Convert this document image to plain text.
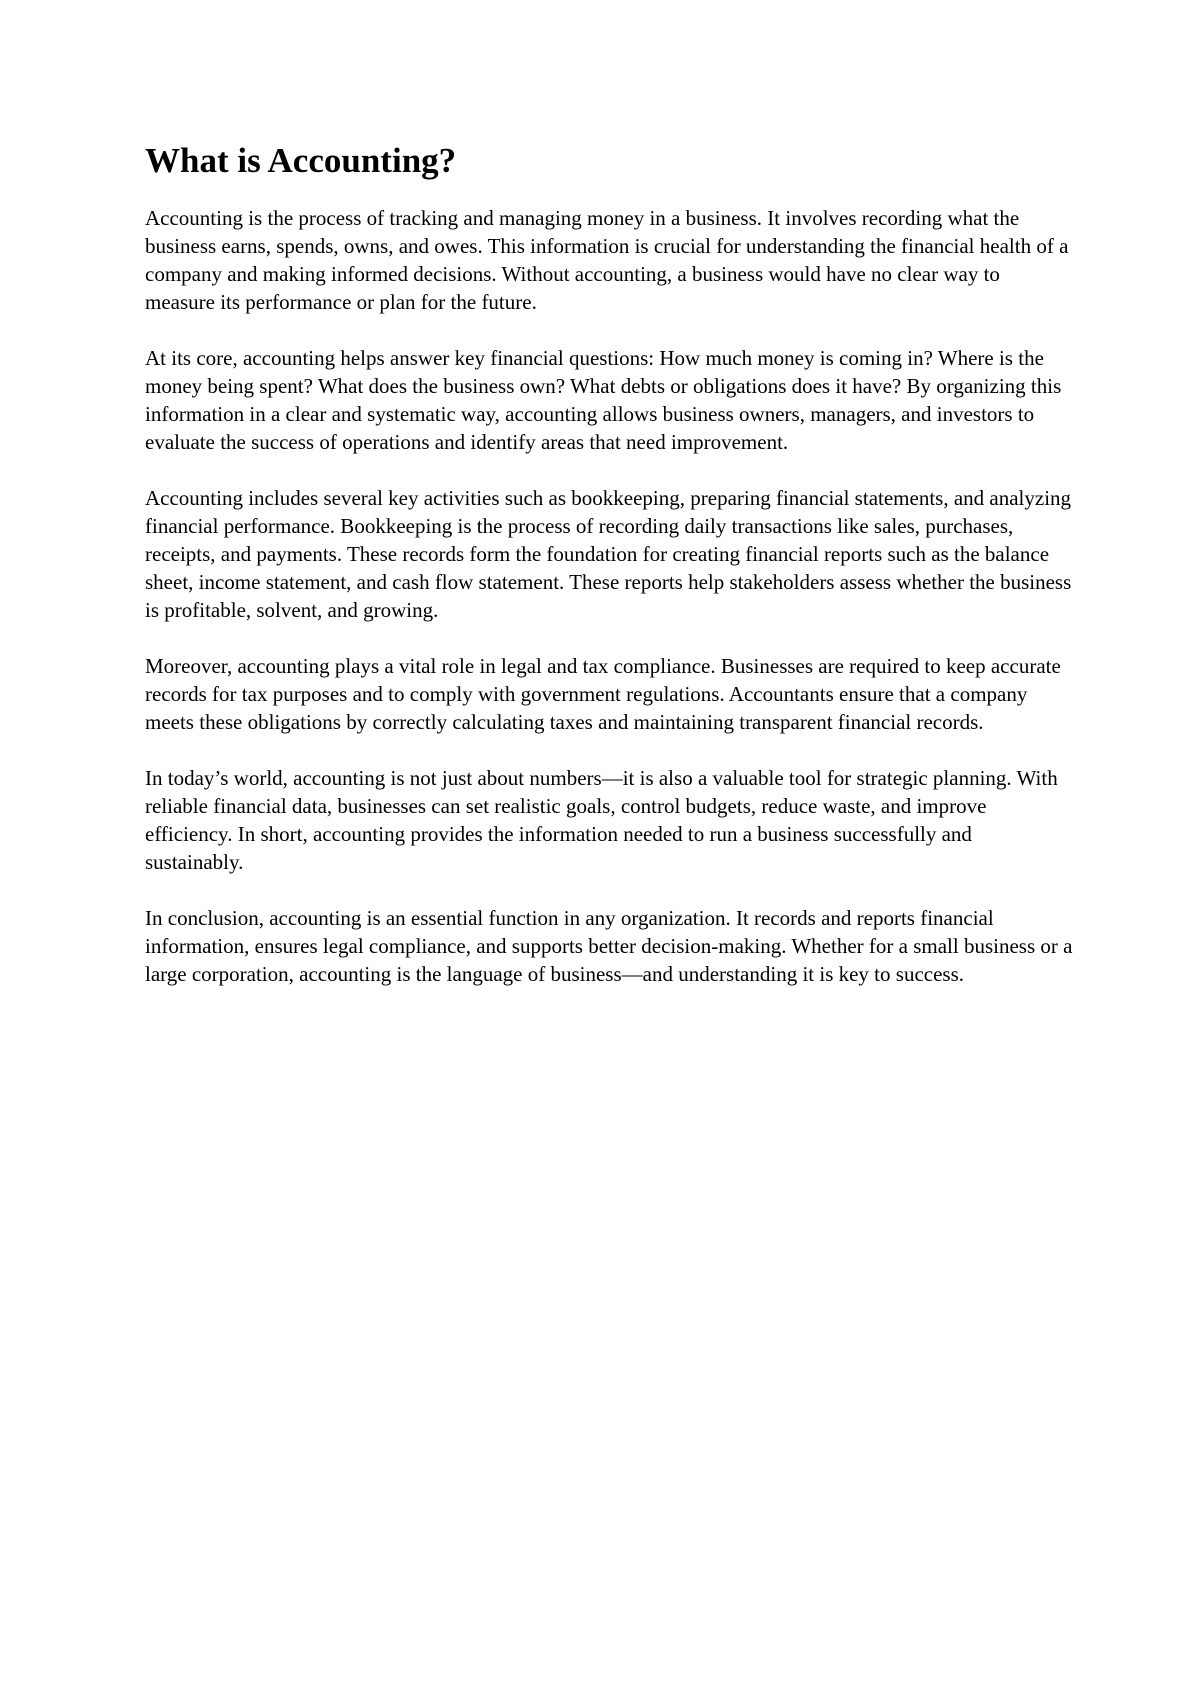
What is Accounting?

Accounting is the process of tracking and managing money in a business. It involves recording what the business earns, spends, owns, and owes. This information is crucial for understanding the financial health of a company and making informed decisions. Without accounting, a business would have no clear way to measure its performance or plan for the future.

At its core, accounting helps answer key financial questions: How much money is coming in? Where is the money being spent? What does the business own? What debts or obligations does it have? By organizing this information in a clear and systematic way, accounting allows business owners, managers, and investors to evaluate the success of operations and identify areas that need improvement.

Accounting includes several key activities such as bookkeeping, preparing financial statements, and analyzing financial performance. Bookkeeping is the process of recording daily transactions like sales, purchases, receipts, and payments. These records form the foundation for creating financial reports such as the balance sheet, income statement, and cash flow statement. These reports help stakeholders assess whether the business is profitable, solvent, and growing.

Moreover, accounting plays a vital role in legal and tax compliance. Businesses are required to keep accurate records for tax purposes and to comply with government regulations. Accountants ensure that a company meets these obligations by correctly calculating taxes and maintaining transparent financial records.

In today’s world, accounting is not just about numbers—it is also a valuable tool for strategic planning. With reliable financial data, businesses can set realistic goals, control budgets, reduce waste, and improve efficiency. In short, accounting provides the information needed to run a business successfully and sustainably.

In conclusion, accounting is an essential function in any organization. It records and reports financial information, ensures legal compliance, and supports better decision-making. Whether for a small business or a large corporation, accounting is the language of business—and understanding it is key to success.
